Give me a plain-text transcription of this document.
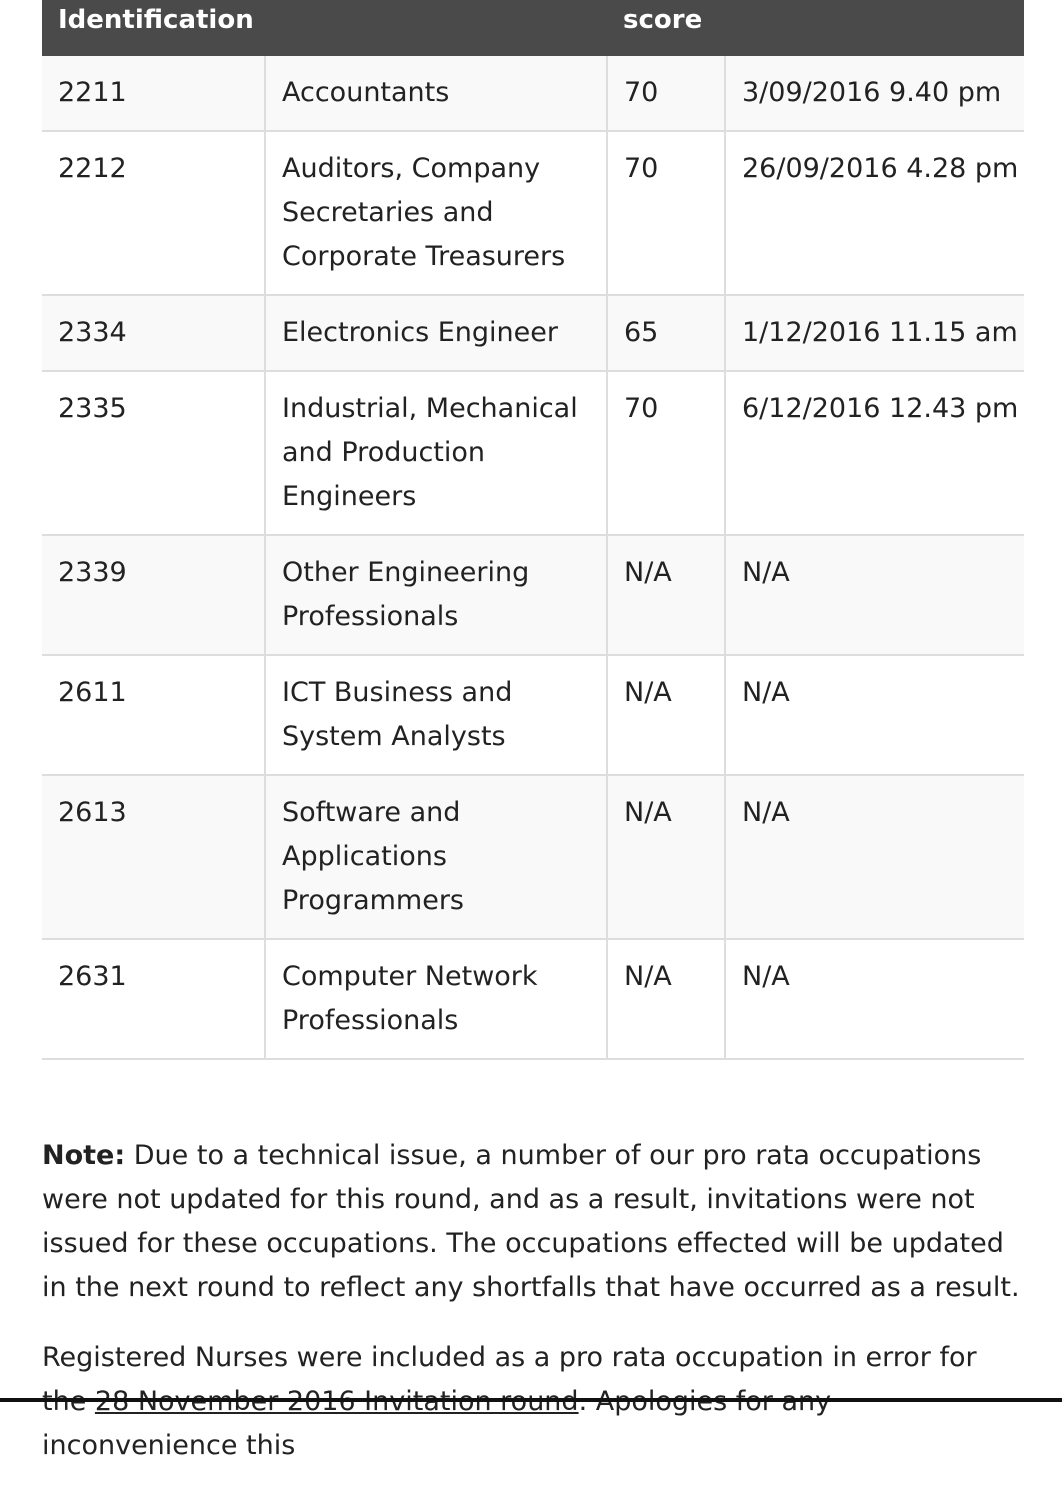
Identification		score	
2211	Accountants	70	3/09/2016 9.40 pm
2212	Auditors, Company Secretaries and Corporate Treasurers	70	26/09/2016 4.28 pm
2334	Electronics Engineer	65	1/12/2016 11.15 am
2335	Industrial, Mechanical and Production Engineers	70	6/12/2016 12.43 pm
2339	Other Engineering Professionals	N/A	N/A
2611	ICT Business and System Analysts	N/A	N/A
2613	Software and Applications Programmers	N/A	N/A
2631	Computer Network Professionals	N/A	N/A

Note: Due to a technical issue, a number of our pro rata occupations were not updated for this round, and as a result, invitations were not issued for these occupations. The occupations effected will be updated in the next round to reflect any shortfalls that have occurred as a result.

Registered Nurses were included as a pro rata occupation in error for inconvenience this
